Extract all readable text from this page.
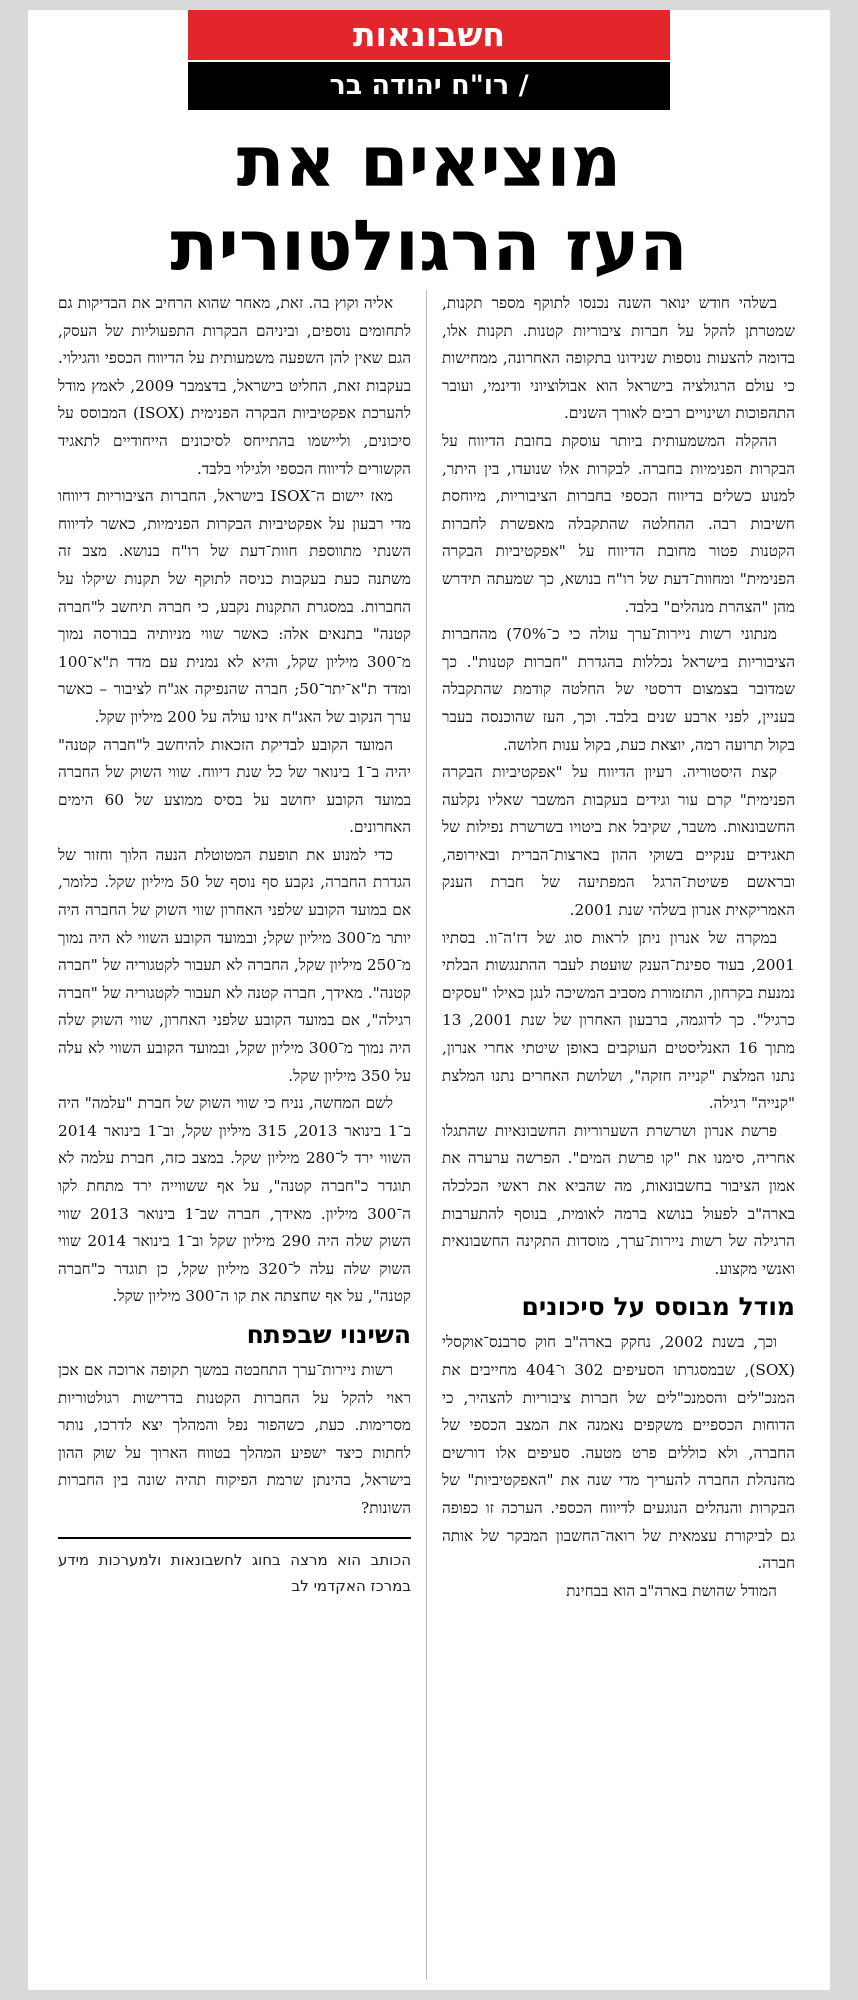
חשבונאות
/ רו"ח יהודה בר
מוציאים את
העז הרגולטורית

בשלהי חודש ינואר השנה נכנסו לתוקף מספר תקנות, שמטרתן להקל על חברות ציבוריות קטנות. תקנות אלו, בדומה להצעות נוספות שנידונו בתקופה האחרונה, ממחישות כי עולם הרגולציה בישראל הוא אבולוציוני ודינמי, ועובר התהפוכות ושינויים רבים לאורך השנים.

ההקלה המשמעותית ביותר עוסקת בחובת הדיווח על הבקרות הפנימיות בחברה. לבקרות אלו שנועדו, בין היתר, למנוע כשלים בדיווח הכספי בחברות הציבוריות, מיוחסת חשיבות רבה. ההחלטה שהתקבלה מאפשרת לחברות הקטנות פטור מחובת הדיווח על "אפקטיביות הבקרה הפנימית" ומחוות־דעת של רו"ח בנושא, כך שמעתה תידרש מהן "הצהרת מנהלים" בלבד.

מנתוני רשות ניירות־ערך עולה כי כ־70%) מהחברות הציבוריות בישראל נכללות בהגדרת "חברות קטנות". כך שמדובר בצמצום דרסטי של החלטה קודמת שהתקבלה בעניין, לפני ארבע שנים בלבד. וכך, העז שהוכנסה בעבר בקול תרועה רמה, יוצאת כעת, בקול ענות חלושה.

קצת היסטוריה. רעיון הדיווח על "אפקטיביות הבקרה הפנימית" קרם עור וגידים בעקבות המשבר שאליו נקלעה החשבונאות. משבר, שקיבל את ביטויו בשרשרת נפילות של תאגידים ענקיים בשוקי ההון בארצות־הברית ובאירופה, ובראשם פשיטת־הרגל המפתיעה של חברת הענק האמריקאית אנרון בשלהי שנת 2001.

במקרה של אנרון ניתן לראות סוג של דז'ה־וו. בסתיו 2001, בעוד ספינת־הענק שועטת לעבר ההתנגשות הבלתי נמנעת בקרחון, התזמורת מסביב המשיכה לנגן כאילו "עסקים כרגיל". כך לדוגמה, ברבעון האחרון של שנת 2001, 13 מתוך 16 האנליסטים העוקבים באופן שיטתי אחרי אנרון, נתנו המלצת "קנייה חזקה", ושלושת האחרים נתנו המלצת "קנייה" רגילה.

פרשת אנרון ושרשרת השערוריות החשבונאיות שהתגלו אחריה, סימנו את "קו פרשת המים". הפרשה ערערה את אמון הציבור בחשבונאות, מה שהביא את ראשי הכלכלה בארה"ב לפעול בנושא ברמה לאומית, בנוסף להתערבות הרגילה של רשות ניירות־ערך, מוסדות התקינה החשבונאית ואנשי מקצוע.

מודל מבוסס על סיכונים

וכך, בשנת 2002, נחקק בארה"ב חוק סרבנס־אוקסלי (SOX), שבמסגרתו הסעיפים 302 ו־404 מחייבים את המנכ"לים והסמנכ"לים של חברות ציבוריות להצהיר, כי הדוחות הכספיים משקפים נאמנה את המצב הכספי של החברה, ולא כוללים פרט מטעה. סעיפים אלו דורשים מהנהלת החברה להעריך מדי שנה את "האפקטיביות" של הבקרות והנהלים הנוגעים לדיווח הכספי. הערכה זו כפופה גם לביקורת עצמאית של רואה־החשבון המבקר של אותה חברה.

המודל שהושת בארה"ב הוא בבחינת

אליה וקוץ בה. זאת, מאחר שהוא הרחיב את הבדיקות גם לתחומים נוספים, וביניהם הבקרות התפעוליות של העסק, הגם שאין להן השפעה משמעותית על הדיווח הכספי והגילוי. בעקבות זאת, החליט בישראל, בדצמבר 2009, לאמץ מודל להערכת אפקטיביות הבקרה הפנימית (ISOX) המבוסס על סיכונים, וליישמו בהתייחס לסיכונים הייחודיים לתאגיד הקשורים לדיווח הכספי ולגילוי בלבד.

מאז יישום ה־ISOX בישראל, החברות הציבוריות דיווחו מדי רבעון על אפקטיביות הבקרות הפנימיות, כאשר לדיווח השנתי מתווספת חוות־דעת של רו"ח בנושא. מצב זה משתנה כעת בעקבות כניסה לתוקף של תקנות שיקלו על החברות. במסגרת התקנות נקבע, כי חברה תיחשב ל"חברה קטנה" בתנאים אלה: כאשר שווי מניותיה בבורסה נמוך מ־300 מיליון שקל, והיא לא נמנית עם מדד ת"א־100 ומדד ת"א־יתר־50; חברה שהנפיקה אג"ח לציבור – כאשר ערך הנקוב של האג"ח אינו עולה על 200 מיליון שקל.

המועד הקובע לבדיקת הזכאות להיחשב ל"חברה קטנה" יהיה ב־1 בינואר של כל שנת דיווח. שווי השוק של החברה במועד הקובע יחושב על בסיס ממוצע של 60 הימים האחרונים.

כדי למנוע את תופעת המטוטלת הנעה הלוך וחזור של הגדרת החברה, נקבע סף נוסף של 50 מיליון שקל. כלומר, אם במועד הקובע שלפני האחרון שווי השוק של החברה היה יותר מ־300 מיליון שקל; ובמועד הקובע השווי לא היה נמוך מ־250 מיליון שקל, החברה לא תעבור לקטגוריה של "חברה קטנה". מאידך, חברה קטנה לא תעבור לקטגוריה של "חברה רגילה", אם במועד הקובע שלפני האחרון, שווי השוק שלה היה נמוך מ־300 מיליון שקל, ובמועד הקובע השווי לא עלה על 350 מיליון שקל.

לשם המחשה, נניח כי שווי השוק של חברת "עלמה" היה ב־1 בינואר 2013, 315 מיליון שקל, וב־1 בינואר 2014 השווי ירד ל־280 מיליון שקל. במצב כזה, חברת עלמה לא תוגדר כ"חברה קטנה", על אף ששווייה ירד מתחת לקו ה־300 מיליון. מאידך, חברה שב־1 בינואר 2013 שווי השוק שלה היה 290 מיליון שקל וב־1 בינואר 2014 שווי השוק שלה עלה ל־320 מיליון שקל, כן תוגדר כ"חברה קטנה", על אף שחצתה את קו ה־300 מיליון שקל.

השינוי שבפתח

רשות ניירות־ערך התחבטה במשך תקופה ארוכה אם אכן ראוי להקל על החברות הקטנות בדרישות רגולטוריות מסרימות. כעת, כשהפור נפל והמהלך יצא לדרכו, נותר לחתות כיצד ישפיע המהלך בטווח הארוך על שוק ההון בישראל, בהינתן שרמת הפיקוח תהיה שונה בין החברות השונות?

הכותב הוא מרצה בחוג לחשבונאות ולמערכות מידע במרכז האקדמי לב
